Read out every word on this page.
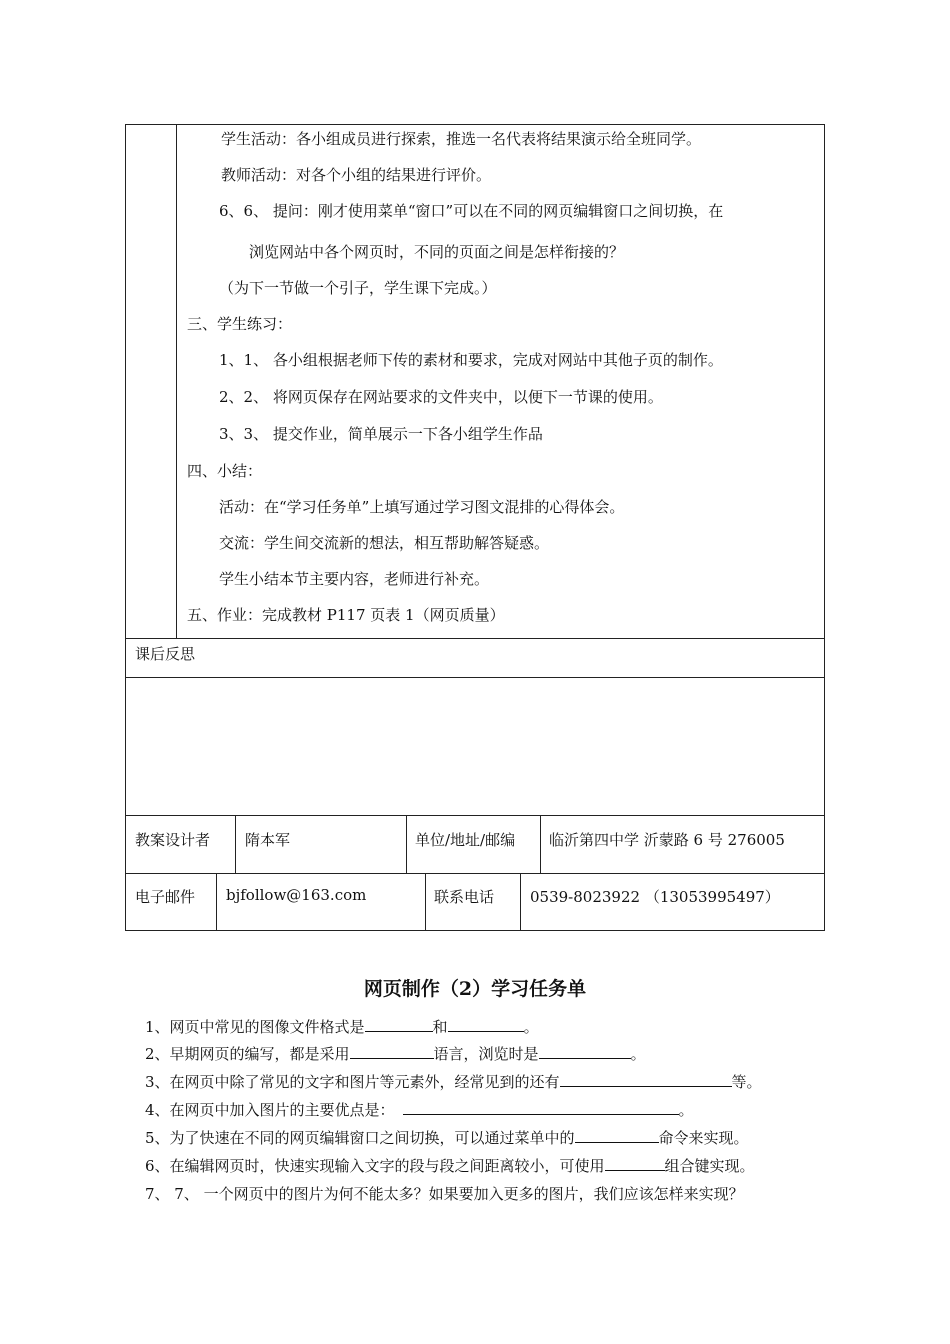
学生活动：各小组成员进行探索，推选一名代表将结果演示给全班同学。
教师活动：对各个小组的结果进行评价。
6、6、 提问：刚才使用菜单“窗口”可以在不同的网页编辑窗口之间切换，在
浏览网站中各个网页时，不同的页面之间是怎样衔接的？
（为下一节做一个引子，学生课下完成。）
三、学生练习：
1、1、 各小组根据老师下传的素材和要求，完成对网站中其他子页的制作。
2、2、 将网页保存在网站要求的文件夹中，以便下一节课的使用。
3、3、 提交作业，简单展示一下各小组学生作品
四、小结：
活动：在“学习任务单”上填写通过学习图文混排的心得体会。
交流：学生间交流新的想法，相互帮助解答疑惑。
学生小结本节主要内容，老师进行补充。
五、作业：完成教材 P117 页表 1（网页质量）
课后反思
教案设计者 隋本军	单位/地址/邮编 临沂第四中学 沂蒙路 6 号 276005
电子邮件 bjfollow@163.com	联系电话 0539-8023922 （13053995497）
网页制作（2）学习任务单
1、网页中常见的图像文件格式是	和	。
2、早期网页的编写，都是采用	语言，浏览时是	。
3、在网页中除了常见的文字和图片等元素外，经常见到的还有	等。
4、在网页中加入图片的主要优点是：	。
5、为了快速在不同的网页编辑窗口之间切换，可以通过菜单中的	命令来实现。
6、在编辑网页时，快速实现输入文字的段与段之间距离较小，可使用	组合键实现。
7、 7、 一个网页中的图片为何不能太多？如果要加入更多的图片，我们应该怎样来实现？
